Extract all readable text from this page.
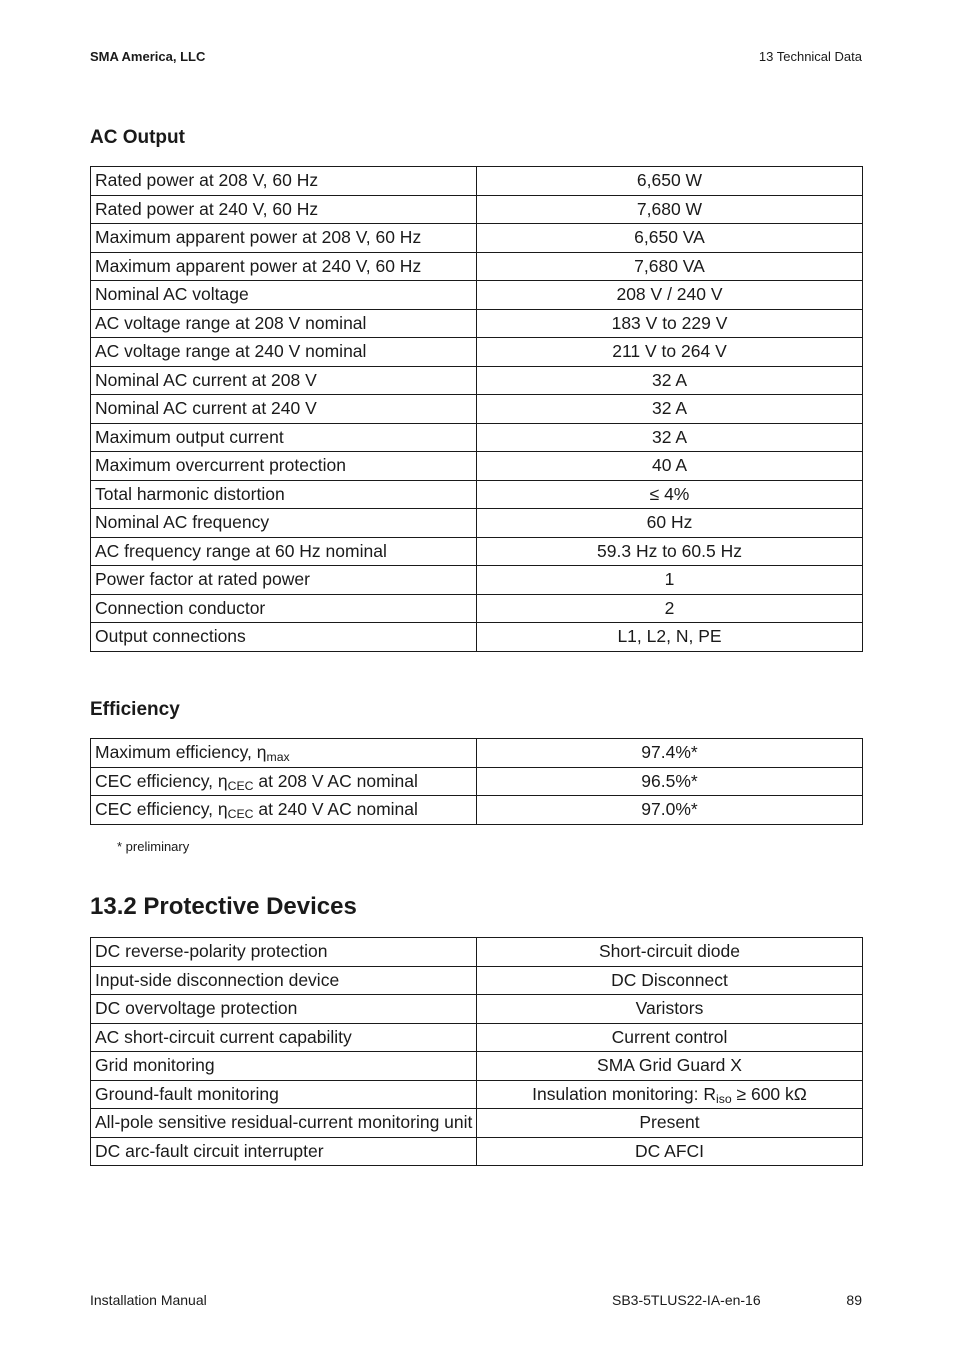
SMA America, LLC	13 Technical Data
AC Output
Rated power at 208 V, 60 Hz	6,650 W
Rated power at 240 V, 60 Hz	7,680 W
Maximum apparent power at 208 V, 60 Hz	6,650 VA
Maximum apparent power at 240 V, 60 Hz	7,680 VA
Nominal AC voltage	208 V / 240 V
AC voltage range at 208 V nominal	183 V to 229 V
AC voltage range at 240 V nominal	211 V to 264 V
Nominal AC current at 208 V	32 A
Nominal AC current at 240 V	32 A
Maximum output current	32 A
Maximum overcurrent protection	40 A
Total harmonic distortion	≤ 4%
Nominal AC frequency	60 Hz
AC frequency range at 60 Hz nominal	59.3 Hz to 60.5 Hz
Power factor at rated power	1
Connection conductor	2
Output connections	L1, L2, N, PE
Efficiency
Maximum efficiency, $\eta_{max}$	97.4%*
CEC efficiency, $\eta_{CEC}$ at 208 V AC nominal	96.5%*
CEC efficiency, $\eta_{CEC}$ at 240 V AC nominal	97.0%*
* preliminary
13.2 Protective Devices
DC reverse-polarity protection	Short-circuit diode
Input-side disconnection device	DC Disconnect
DC overvoltage protection	Varistors
AC short-circuit current capability	Current control
Grid monitoring	SMA Grid Guard X
Ground-fault monitoring	Insulation monitoring: $R_{iso} \ge 600$ kΩ
All-pole sensitive residual-current monitoring unit	Present
DC arc-fault circuit interrupter	DC AFCI
Installation Manual	SB3-5TLUS22-IA-en-16	89
